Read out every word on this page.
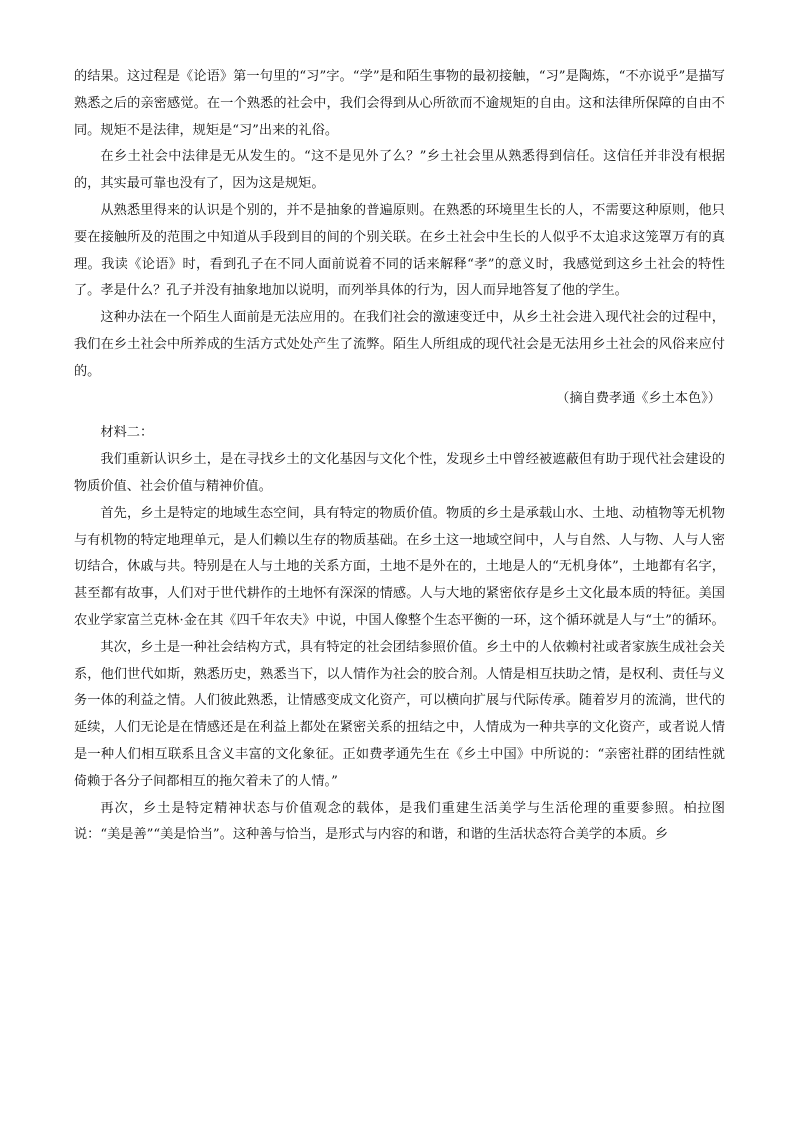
的结果。这过程是《论语》第一句里的“习”字。“学”是和陌生事物的最初接触，“习”是陶炼，“不亦说乎”是描写熟悉之后的亲密感觉。在一个熟悉的社会中，我们会得到从心所欲而不逾规矩的自由。这和法律所保障的自由不同。规矩不是法律，规矩是“习”出来的礼俗。

在乡土社会中法律是无从发生的。“这不是见外了么？”乡土社会里从熟悉得到信任。这信任并非没有根据的，其实最可靠也没有了，因为这是规矩。

从熟悉里得来的认识是个别的，并不是抽象的普遍原则。在熟悉的环境里生长的人，不需要这种原则，他只要在接触所及的范围之中知道从手段到目的间的个别关联。在乡土社会中生长的人似乎不太追求这笼罩万有的真理。我读《论语》时，看到孔子在不同人面前说着不同的话来解释“孝”的意义时，我感觉到这乡土社会的特性了。孝是什么？孔子并没有抽象地加以说明，而列举具体的行为，因人而异地答复了他的学生。

这种办法在一个陌生人面前是无法应用的。在我们社会的激速变迁中，从乡土社会进入现代社会的过程中，我们在乡土社会中所养成的生活方式处处产生了流弊。陌生人所组成的现代社会是无法用乡土社会的风俗来应付的。

（摘自费孝通《乡土本色》）

材料二：

我们重新认识乡土，是在寻找乡土的文化基因与文化个性，发现乡土中曾经被遮蔽但有助于现代社会建设的物质价值、社会价值与精神价值。

首先，乡土是特定的地域生态空间，具有特定的物质价值。物质的乡土是承载山水、土地、动植物等无机物与有机物的特定地理单元，是人们赖以生存的物质基础。在乡土这一地域空间中，人与自然、人与物、人与人密切结合，休戚与共。特别是在人与土地的关系方面，土地不是外在的，土地是人的“无机身体”，土地都有名字，甚至都有故事，人们对于世代耕作的土地怀有深深的情感。人与大地的紧密依存是乡土文化最本质的特征。美国农业学家富兰克林·金在其《四千年农夫》中说，中国人像整个生态平衡的一环，这个循环就是人与“土”的循环。

其次，乡土是一种社会结构方式，具有特定的社会团结参照价值。乡土中的人依赖村社或者家族生成社会关系，他们世代如斯，熟悉历史，熟悉当下，以人情作为社会的胶合剂。人情是相互扶助之情，是权利、责任与义务一体的利益之情。人们彼此熟悉，让情感变成文化资产，可以横向扩展与代际传承。随着岁月的流淌，世代的延续，人们无论是在情感还是在利益上都处在紧密关系的扭结之中，人情成为一种共享的文化资产，或者说人情是一种人们相互联系且含义丰富的文化象征。正如费孝通先生在《乡土中国》中所说的：“亲密社群的团结性就倚赖于各分子间都相互的拖欠着未了的人情。”

再次，乡土是特定精神状态与价值观念的载体，是我们重建生活美学与生活伦理的重要参照。柏拉图说：“美是善”“美是恰当”。这种善与恰当，是形式与内容的和谐，和谐的生活状态符合美学的本质。乡
